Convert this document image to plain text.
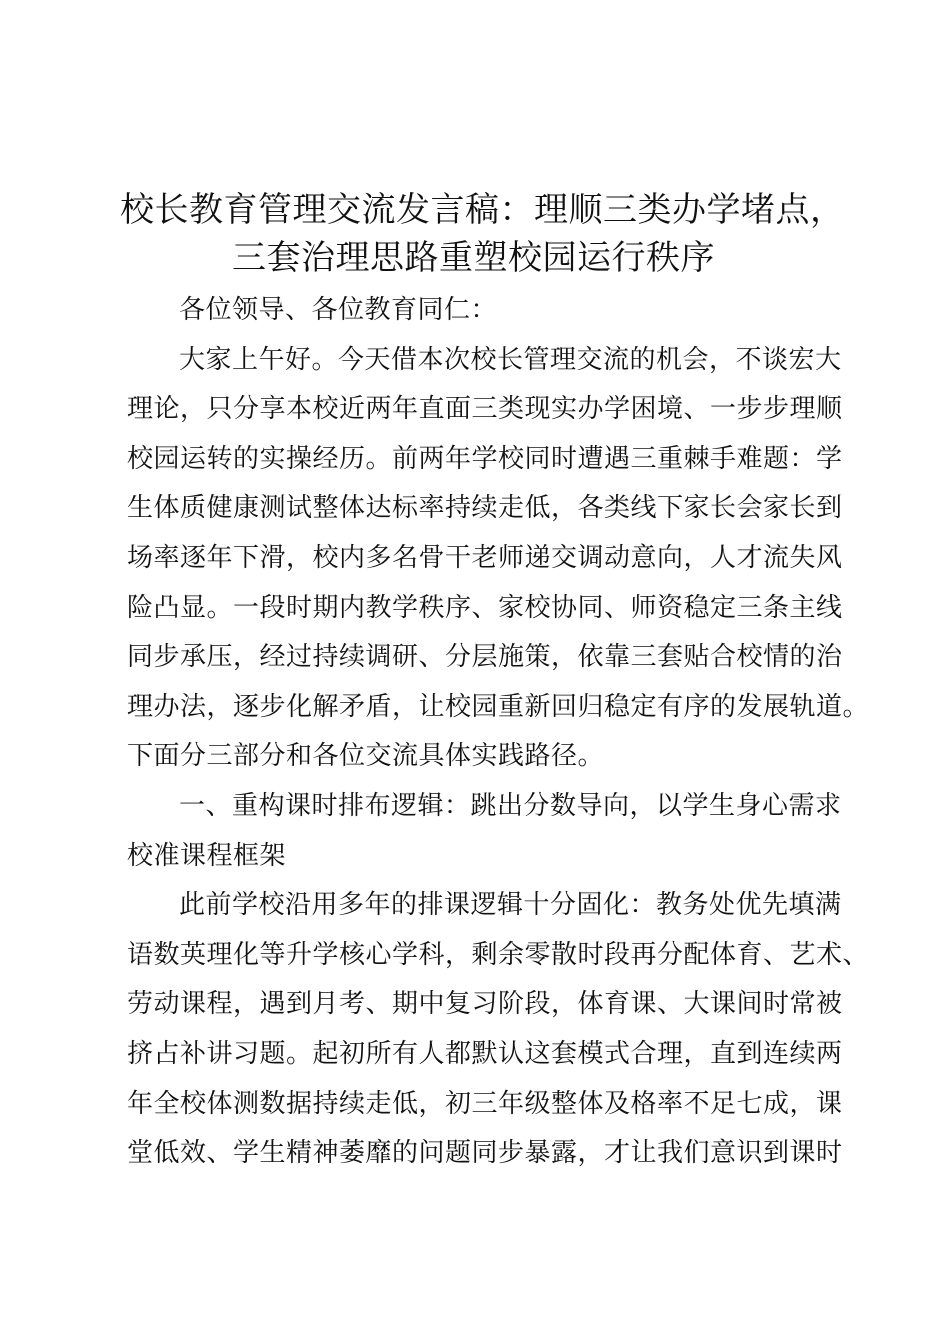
校长教育管理交流发言稿：理顺三类办学堵点，
三套治理思路重塑校园运行秩序
各位领导、各位教育同仁：
大家上午好。今天借本次校长管理交流的机会，不谈宏大
理论，只分享本校近两年直面三类现实办学困境、一步步理顺
校园运转的实操经历。前两年学校同时遭遇三重棘手难题：学
生体质健康测试整体达标率持续走低，各类线下家长会家长到
场率逐年下滑，校内多名骨干老师递交调动意向，人才流失风
险凸显。一段时期内教学秩序、家校协同、师资稳定三条主线
同步承压，经过持续调研、分层施策，依靠三套贴合校情的治
理办法，逐步化解矛盾，让校园重新回归稳定有序的发展轨道。
下面分三部分和各位交流具体实践路径。
一、重构课时排布逻辑：跳出分数导向，以学生身心需求
校准课程框架
此前学校沿用多年的排课逻辑十分固化：教务处优先填满
语数英理化等升学核心学科，剩余零散时段再分配体育、艺术、
劳动课程，遇到月考、期中复习阶段，体育课、大课间时常被
挤占补讲习题。起初所有人都默认这套模式合理，直到连续两
年全校体测数据持续走低，初三年级整体及格率不足七成，课
堂低效、学生精神萎靡的问题同步暴露，才让我们意识到课时
